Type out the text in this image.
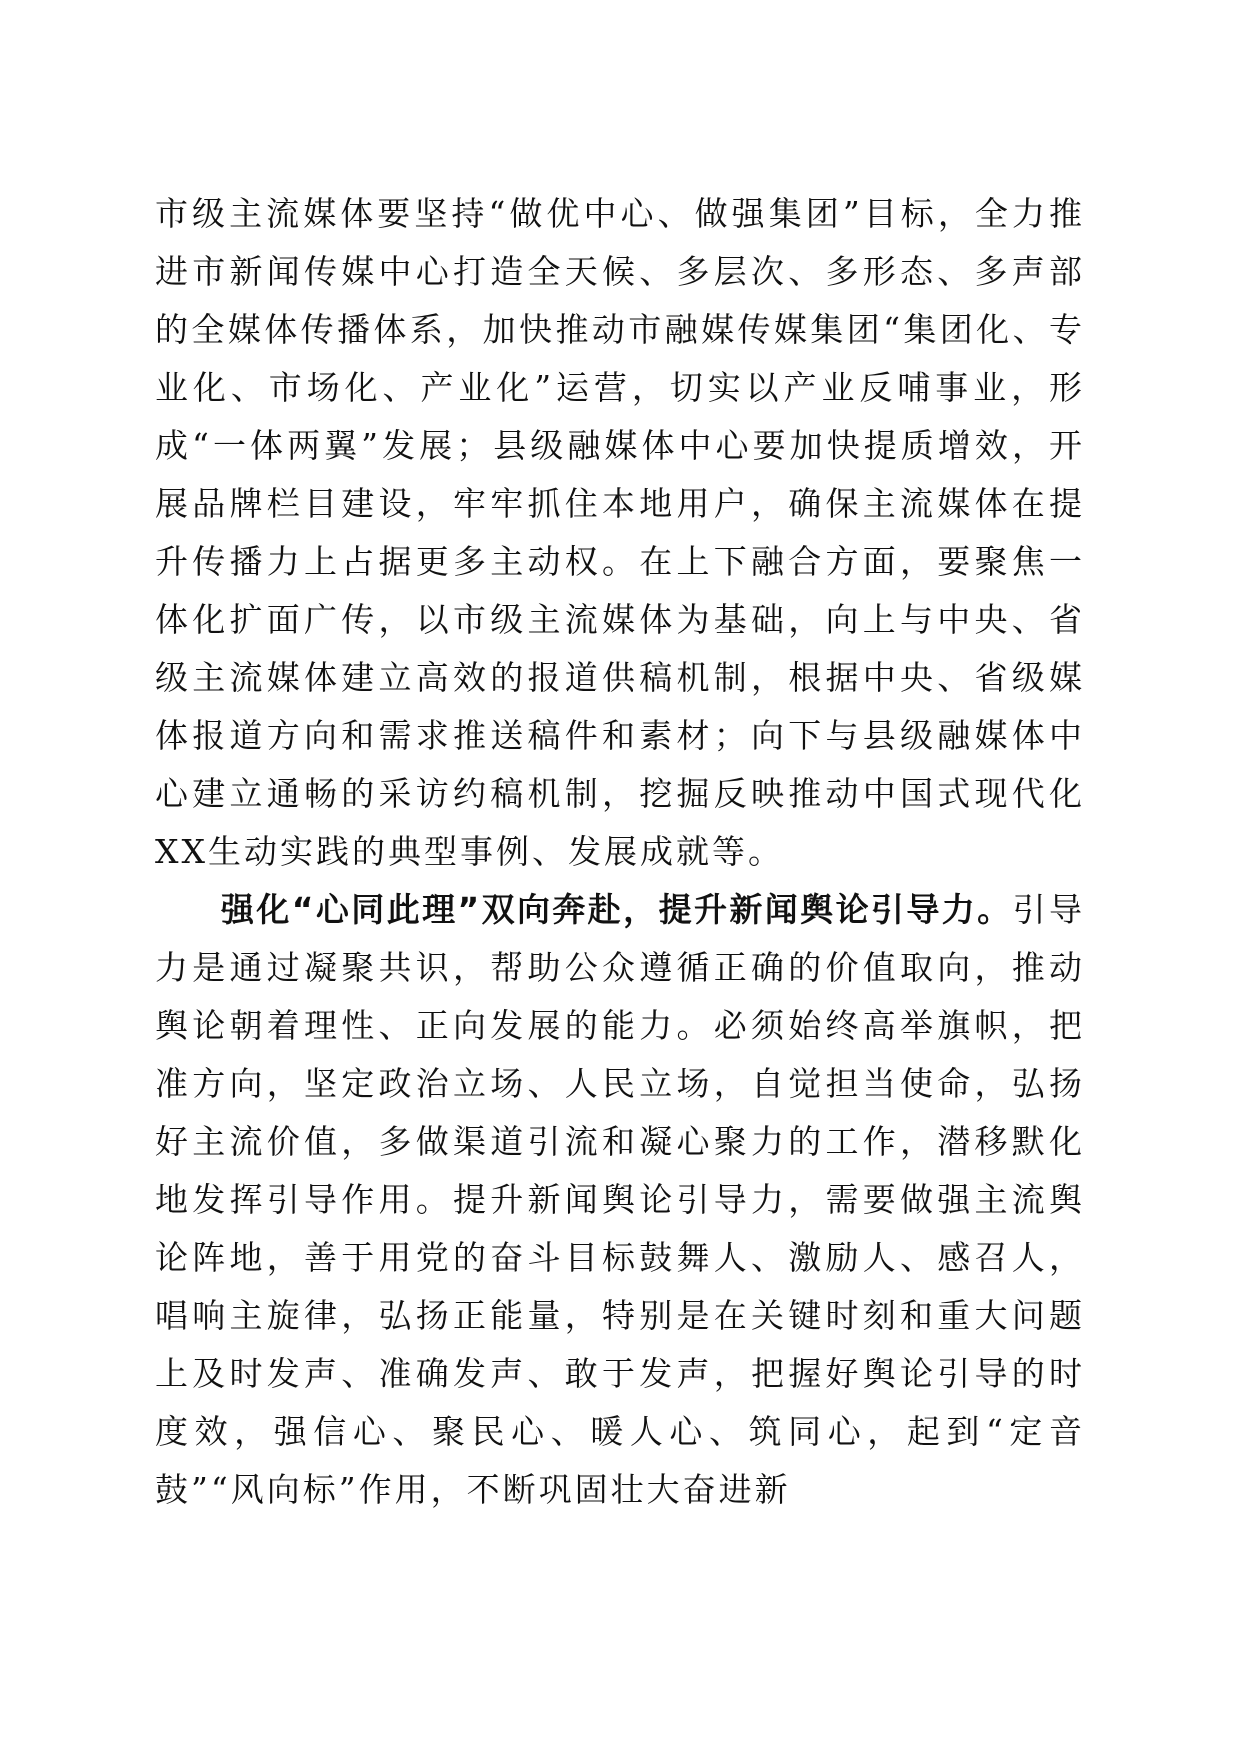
市级主流媒体要坚持“做优中心、做强集团”目标，全力推进市新闻传媒中心打造全天候、多层次、多形态、多声部的全媒体传播体系，加快推动市融媒传媒集团“集团化、专业化、市场化、产业化”运营，切实以产业反哺事业，形成“一体两翼”发展；县级融媒体中心要加快提质增效，开展品牌栏目建设，牢牢抓住本地用户，确保主流媒体在提升传播力上占据更多主动权。在上下融合方面，要聚焦一体化扩面广传，以市级主流媒体为基础，向上与中央、省级主流媒体建立高效的报道供稿机制，根据中央、省级媒体报道方向和需求推送稿件和素材；向下与县级融媒体中心建立通畅的采访约稿机制，挖掘反映推动中国式现代化XX生动实践的典型事例、发展成就等。

强化“心同此理”双向奔赴，提升新闻舆论引导力。引导力是通过凝聚共识，帮助公众遵循正确的价值取向，推动舆论朝着理性、正向发展的能力。必须始终高举旗帜，把准方向，坚定政治立场、人民立场，自觉担当使命，弘扬好主流价值，多做渠道引流和凝心聚力的工作，潜移默化地发挥引导作用。提升新闻舆论引导力，需要做强主流舆论阵地，善于用党的奋斗目标鼓舞人、激励人、感召人，唱响主旋律，弘扬正能量，特别是在关键时刻和重大问题上及时发声、准确发声、敢于发声，把握好舆论引导的时度效，强信心、聚民心、暖人心、筑同心，起到“定音鼓”“风向标”作用，不断巩固壮大奋进新
